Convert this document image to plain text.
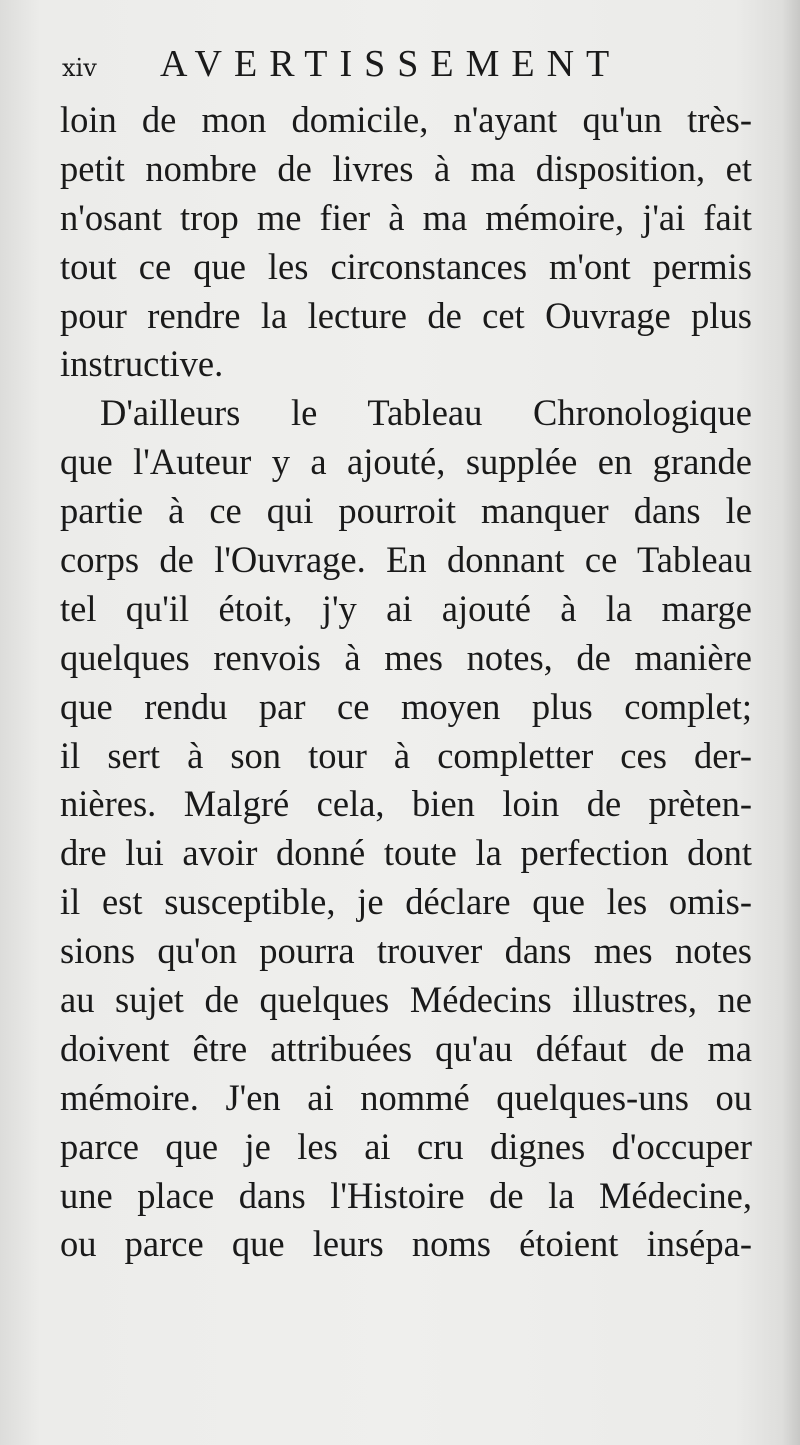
xiv AVERTISSEMENT
loin de mon domicile, n'ayant qu'un très-
petit nombre de livres à ma disposition, et
n'osant trop me fier à ma mémoire, j'ai fait
tout ce que les circonstances m'ont permis
pour rendre la lecture de cet Ouvrage plus
instructive.
D'ailleurs le Tableau Chronologique
que l'Auteur y a ajouté, supplée en grande
partie à ce qui pourroit manquer dans le
corps de l'Ouvrage. En donnant ce Tableau
tel qu'il étoit, j'y ai ajouté à la marge
quelques renvois à mes notes, de manière
que rendu par ce moyen plus complet;
il sert à son tour à completter ces der-
nières. Malgré cela, bien loin de prèten-
dre lui avoir donné toute la perfection dont
il est susceptible, je déclare que les omis-
sions qu'on pourra trouver dans mes notes
au sujet de quelques Médecins illustres, ne
doivent être attribuées qu'au défaut de ma
mémoire. J'en ai nommé quelques-uns ou
parce que je les ai cru dignes d'occuper
une place dans l'Histoire de la Médecine,
ou parce que leurs noms étoient insépa-
